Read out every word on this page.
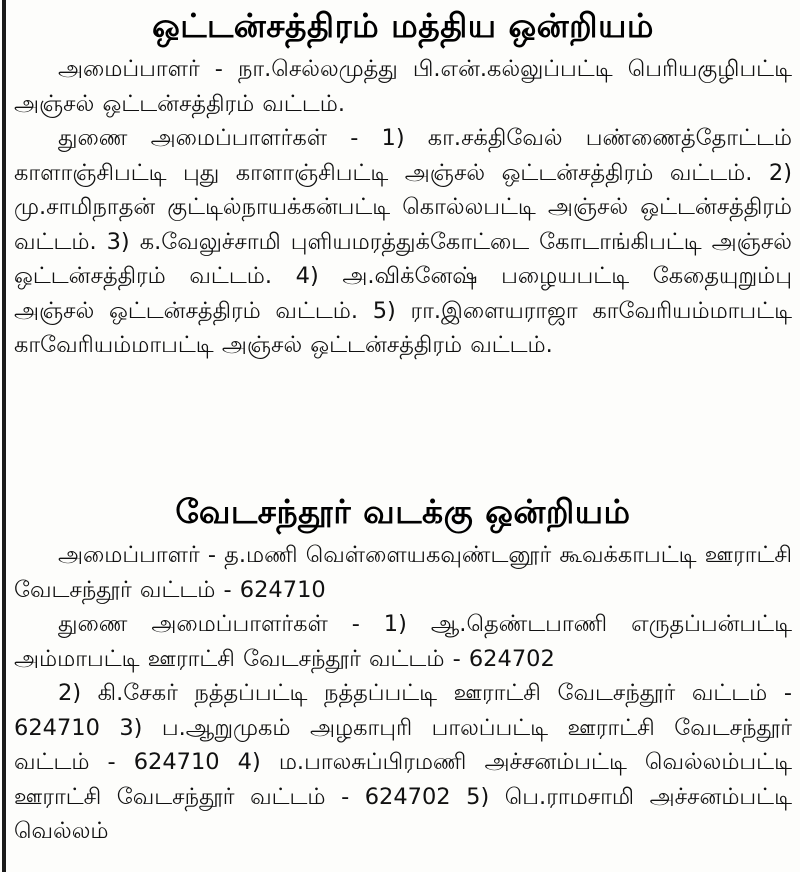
ஒட்டன்சத்திரம் மத்திய ஒன்றியம்

அமைப்பாளர் - நா.செல்லமுத்து பி.என்.கல்லுப்பட்டி பெரியகுழிபட்டி அஞ்சல் ஒட்டன்சத்திரம் வட்டம்.

துணை அமைப்பாளர்கள் - 1) கா.சக்திவேல் பண்ணைத்தோட்டம் காளாஞ்சிபட்டி புது காளாஞ்சிபட்டி அஞ்சல் ஒட்டன்சத்திரம் வட்டம். 2) மு.சாமிநாதன் குட்டில்நாயக்கன்பட்டி கொல்லபட்டி அஞ்சல் ஒட்டன்சத்திரம் வட்டம். 3) க.வேலுச்சாமி புளியமரத்துக்கோட்டை கோடாங்கிபட்டி அஞ்சல் ஒட்டன்சத்திரம் வட்டம். 4) அ.விக்னேஷ் பழையபட்டி கேதையுறும்பு அஞ்சல் ஒட்டன்சத்திரம் வட்டம். 5) ரா.இளையராஜா காவேரியம்மாபட்டி காவேரியம்மாபட்டி அஞ்சல் ஒட்டன்சத்திரம் வட்டம்.

வேடசந்தூர் வடக்கு ஒன்றியம்

அமைப்பாளர் - த.மணி வெள்ளையகவுண்டனூர் கூவக்காபட்டி ஊராட்சி வேடசந்தூர் வட்டம் - 624710

துணை அமைப்பாளர்கள் - 1) ஆ.தெண்டபாணி எருதப்பன்பட்டி அம்மாபட்டி ஊராட்சி வேடசந்தூர் வட்டம் - 624702

2) கி.சேகர் நத்தப்பட்டி நத்தப்பட்டி ஊராட்சி வேடசந்தூர் வட்டம் - 624710 3) ப.ஆறுமுகம் அழகாபுரி பாலப்பட்டி ஊராட்சி வேடசந்தூர் வட்டம் - 624710 4) ம.பாலசுப்பிரமணி அச்சனம்பட்டி வெல்லம்பட்டி ஊராட்சி வேடசந்தூர் வட்டம் - 624702 5) பெ.ராமசாமி அச்சனம்பட்டி வெல்லம்
